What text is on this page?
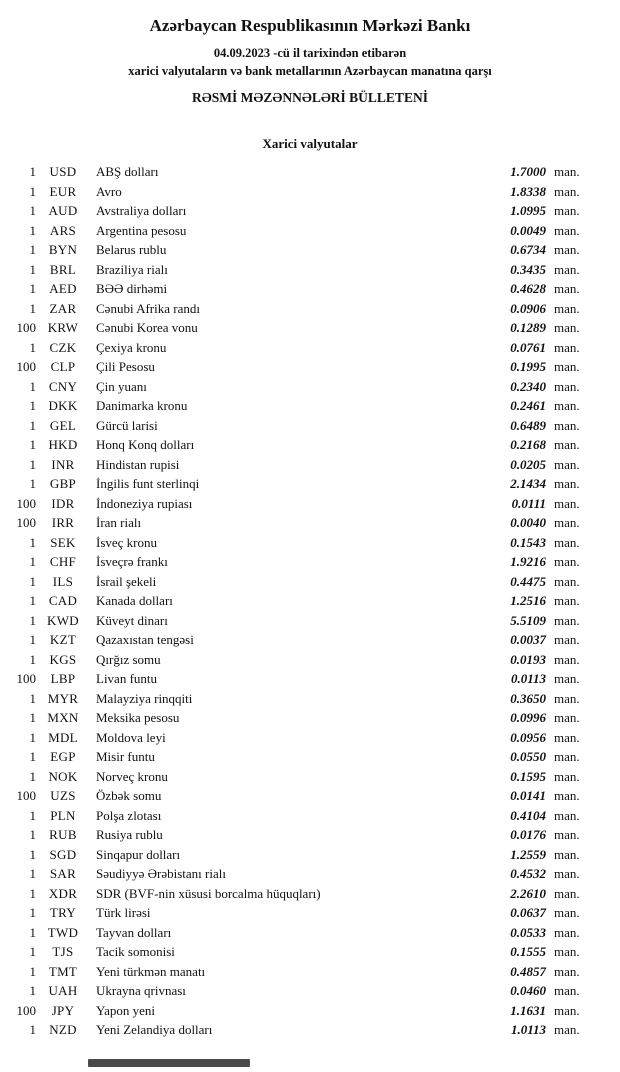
Azərbaycan Respublikasının Mərkəzi Bankı
04.09.2023 -cü il tarixindən etibarən
xarici valyutaların və bank metallarının Azərbaycan manatına qarşı
RƏSMİ MƏZƏNNƏLƏRİ BÜLLETENİ
Xarici valyutalar
1	USD	ABŞ dolları	1.7000 man.
1	EUR	Avro	1.8338 man.
1 AUD	Avstraliya dolları	1.0995 man.
1	ARS	Argentina pesosu	0.0049 man.
1 BYN	Belarus rublu	0.6734 man.
1	BRL	Braziliya rialı	0.3435 man.
1	AED	BƏƏ dirhəmi	0.4628 man.
1	ZAR	Cənubi Afrika randı	0.0906 man.
100 KRW	Cənubi Korea vonu	0.1289 man.
1	CZK	Çexiya kronu	0.0761 man.
100	CLP	Çili Pesosu	0.1995 man.
1 CNY	Çin yuanı	0.2340 man.
1 DKK	Danimarka kronu	0.2461 man.
1	GEL	Gürcü larisi	0.6489 man.
1 HKD	Honq Konq dolları	0.2168 man.
1	INR	Hindistan rupisi	0.0205 man.
1	GBP	İngilis funt sterlinqi	2.1434 man.
100	IDR	İndoneziya rupiası	0.0111 man.
100	IRR	İran rialı	0.0040 man.
1	SEK	İsveç kronu	0.1543 man.
1	CHF	İsveçrə frankı	1.9216 man.
1	ILS	İsrail şekeli	0.4475 man.
1 CAD	Kanada dolları	1.2516 man.
1 KWD	Küveyt dinarı	5.5109 man.
1	KZT	Qazaxıstan tengəsi	0.0037 man.
1	KGS	Qırğız somu	0.0193 man.
100	LBP	Livan funtu	0.0113 man.
1 MYR	Malayziya rinqqiti	0.3650 man.
1 MXN	Meksika pesosu	0.0996 man.
1 MDL	Moldova leyi	0.0956 man.
1	EGP	Misir funtu	0.0550 man.
1 NOK	Norveç kronu	0.1595 man.
100	UZS	Özbək somu	0.0141 man.
1	PLN	Polşa zlotası	0.4104 man.
1	RUB	Rusiya rublu	0.0176 man.
1	SGD	Sinqapur dolları	1.2559 man.
1	SAR	Səudiyyə Ərəbistanı rialı	0.4532 man.
1 XDR	SDR (BVF-nin xüsusi borcalma hüquqları)	2.2610 man.
1	TRY	Türk lirəsi	0.0637 man.
1 TWD	Tayvan dolları	0.0533 man.
1	TJS	Tacik somonisi	0.1555 man.
1 TMT	Yeni türkmən manatı	0.4857 man.
1 UAH	Ukrayna qrivnası	0.0460 man.
100	JPY	Yapon yeni	1.1631 man.
1	NZD	Yeni Zelandiya dolları	1.0113 man.
